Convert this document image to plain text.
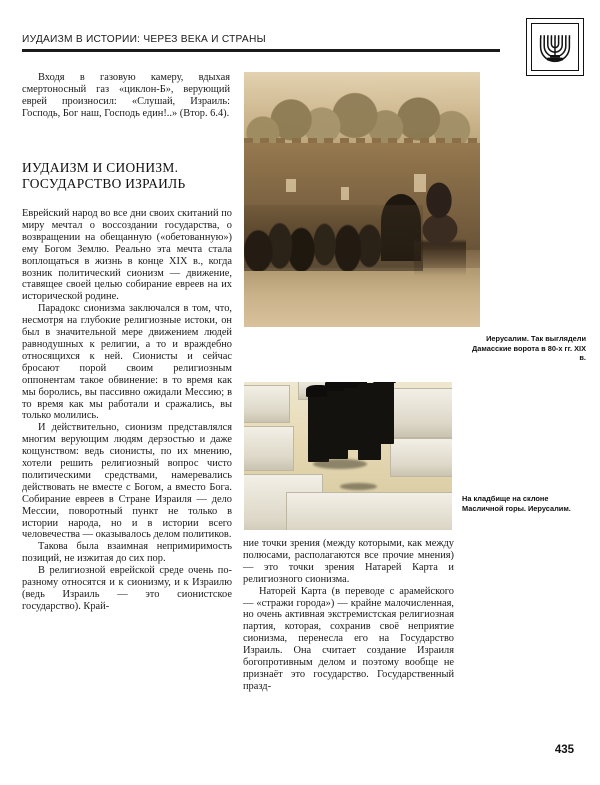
ИУДАИЗМ В ИСТОРИИ: ЧЕРЕЗ ВЕКА И СТРАНЫ

Входя в газовую камеру, вдыхая смертоносный газ «циклон-Б», верующий еврей произносил: «Слушай, Израиль: Господь, Бог наш, Господь един!..» (Втор. 6.4).

ИУДАИЗМ И СИОНИЗМ.
ГОСУДАРСТВО ИЗРАИЛЬ

Еврейский народ во все дни своих скитаний по миру мечтал о воссоздании государства, о возвращении на обещанную («обетованную») ему Богом Землю. Реально эта мечта стала воплощаться в жизнь в конце XIX в., когда возник политический сионизм — движение, ставящее своей целью собирание евреев на их исторической родине.

Парадокс сионизма заключался в том, что, несмотря на глубокие религиозные истоки, он был в значительной мере движением людей равнодушных к религии, а то и враждебно относящихся к ней. Сионисты и сейчас бросают порой своим религиозным оппонентам такое обвинение: в то время как мы боролись, вы пассивно ожидали Мессию; в то время как мы работали и сражались, вы только молились.

И действительно, сионизм представлялся многим верующим людям дерзостью и даже кощунством: ведь сионисты, по их мнению, хотели решить религиозный вопрос чисто политическими средствами, намеревались действовать не вместе с Богом, а вместо Бога. Собирание евреев в Стране Израиля — дело Мессии, поворотный пункт не только в истории народа, но и в истории всего человечества — оказывалось делом политиков.

Такова была взаимная непримиримость позиций, не изжитая до сих пор.

В религиозной еврейской среде очень по-разному относятся и к сионизму, и к Израилю (ведь Израиль — это сионистское государство). Край-

Иерусалим. Так выглядели Дамасские ворота в 80-х гг. XIX в.
На кладбище на склоне Масличной горы. Иерусалим.

ние точки зрения (между которыми, как между полюсами, располагаются все прочие мнения) — это точки зрения Натарей Карта и религиозного сионизма.

Наторей Карта (в переводе с арамейского — «стражи города») — крайне малочисленная, но очень активная экстремистская религиозная партия, которая, сохранив своё неприятие сионизма, перенесла его на Государство Израиль. Она считает создание Израиля богопротивным делом и поэтому вообще не признаёт это государство. Государственный празд-

435
